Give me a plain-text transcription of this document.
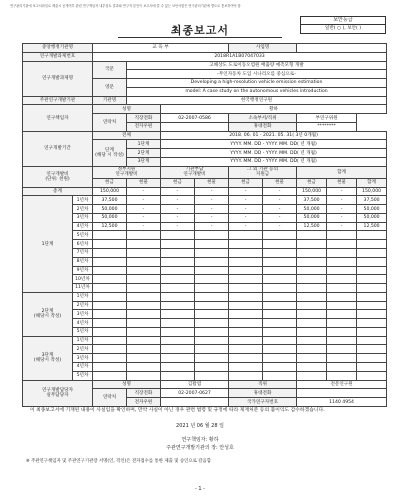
연구관리기관에 보고서파일로 제출시 공개여부 관련 연구책임자 내부검토 결과와 연구자 본인이 보고서에 쓸 수 있는 보안사항은 연구관리기관에 별도로 통보하여야 함
보안등급
일반( ○ ), 보안( )
최종보고서
중앙행정기관명		교 육 부				사업명				
연구개발과제번호		2018R1A1B07047033								
연구개발과제명		국문	고해상도 도로이동오염원 배출량 예측모형 개발							
			-무인자동차 도입 시나리오를 중심으로-							
		영문	Developing a high-resolution vehicle emission estimation							
			model: A case study on the autonomous vehicles introduction							
주관연구개발기관		기관명	한국행정연구원							
연구책임자		성명		황하						
		연락처	직장전화	02-2007-0586		소속부서/직위		부연구위원		
			전자우편			휴대전화		********		
연구개발기간		전체		2018. 06. 01 - 2021. 05. 31( 3년 0개월)						
		단계
(해당 시 작성)	1단계	YYYY. MM. DD - YYYY. MM. DD( 년 개월)						
			2단계	YYYY. MM. DD - YYYY. MM. DD( 년 개월)						
			3단계	YYYY. MM. DD - YYYY. MM. DD( 년 개월)						
연구개발비
(단위: 천원)		정부지원
연구개발비		기관부담
연구개발비		그 외 기관 등의
지원금		합계		
		현금	현물	현금	현물	현금	현물	현금	현물	합계
총계		150,000	-	-	-	-	-	150,000	-	150,000
1단계	1년차	37,500	-	-	-	-	-	37,500	-	37,500
	2년차	50,000	-	-	-	-	-	50,000	-	50,000
	3년차	50,000	-	-	-	-	-	50,000	-	50,000
	4년차	12,500	-	-	-	-	-	12,500	-	12,500
	5년차									
	6년차									
	7년차									
	8년차									
	9년차									
	10년차									
	11년차									
2단계
(해당시 작성)	1년차									
	2년차									
	3년차									
	4년차									
	5년차									
3단계
(해당시 작성)	1년차									
	2년차									
	3년차									
	4년차									
	5년차									
연구개발담당자
실무담당자		성명		김활엽		직위		전문연구원		
		연락처	직장전화	02-2007-0627		휴대전화				
			전자우편			국가연구자번호		1140 4954		
이 최종보고서에 기재된 내용이 사실임을 확인하며, 만약 사실이 아닌 경우 관련 법령 및 규정에 따라 제재처분 등의 불이익도 감수하겠습니다.
2021 년 06 월 28 일
연구책임자: 황하
주관연구개발기관의 장: 안성호
※ 주관연구책임자 및 주관연구기관장 서명(인, 직인)은 전자접수를 통한 제출 및 승인으로 갈음함
- 1 -
